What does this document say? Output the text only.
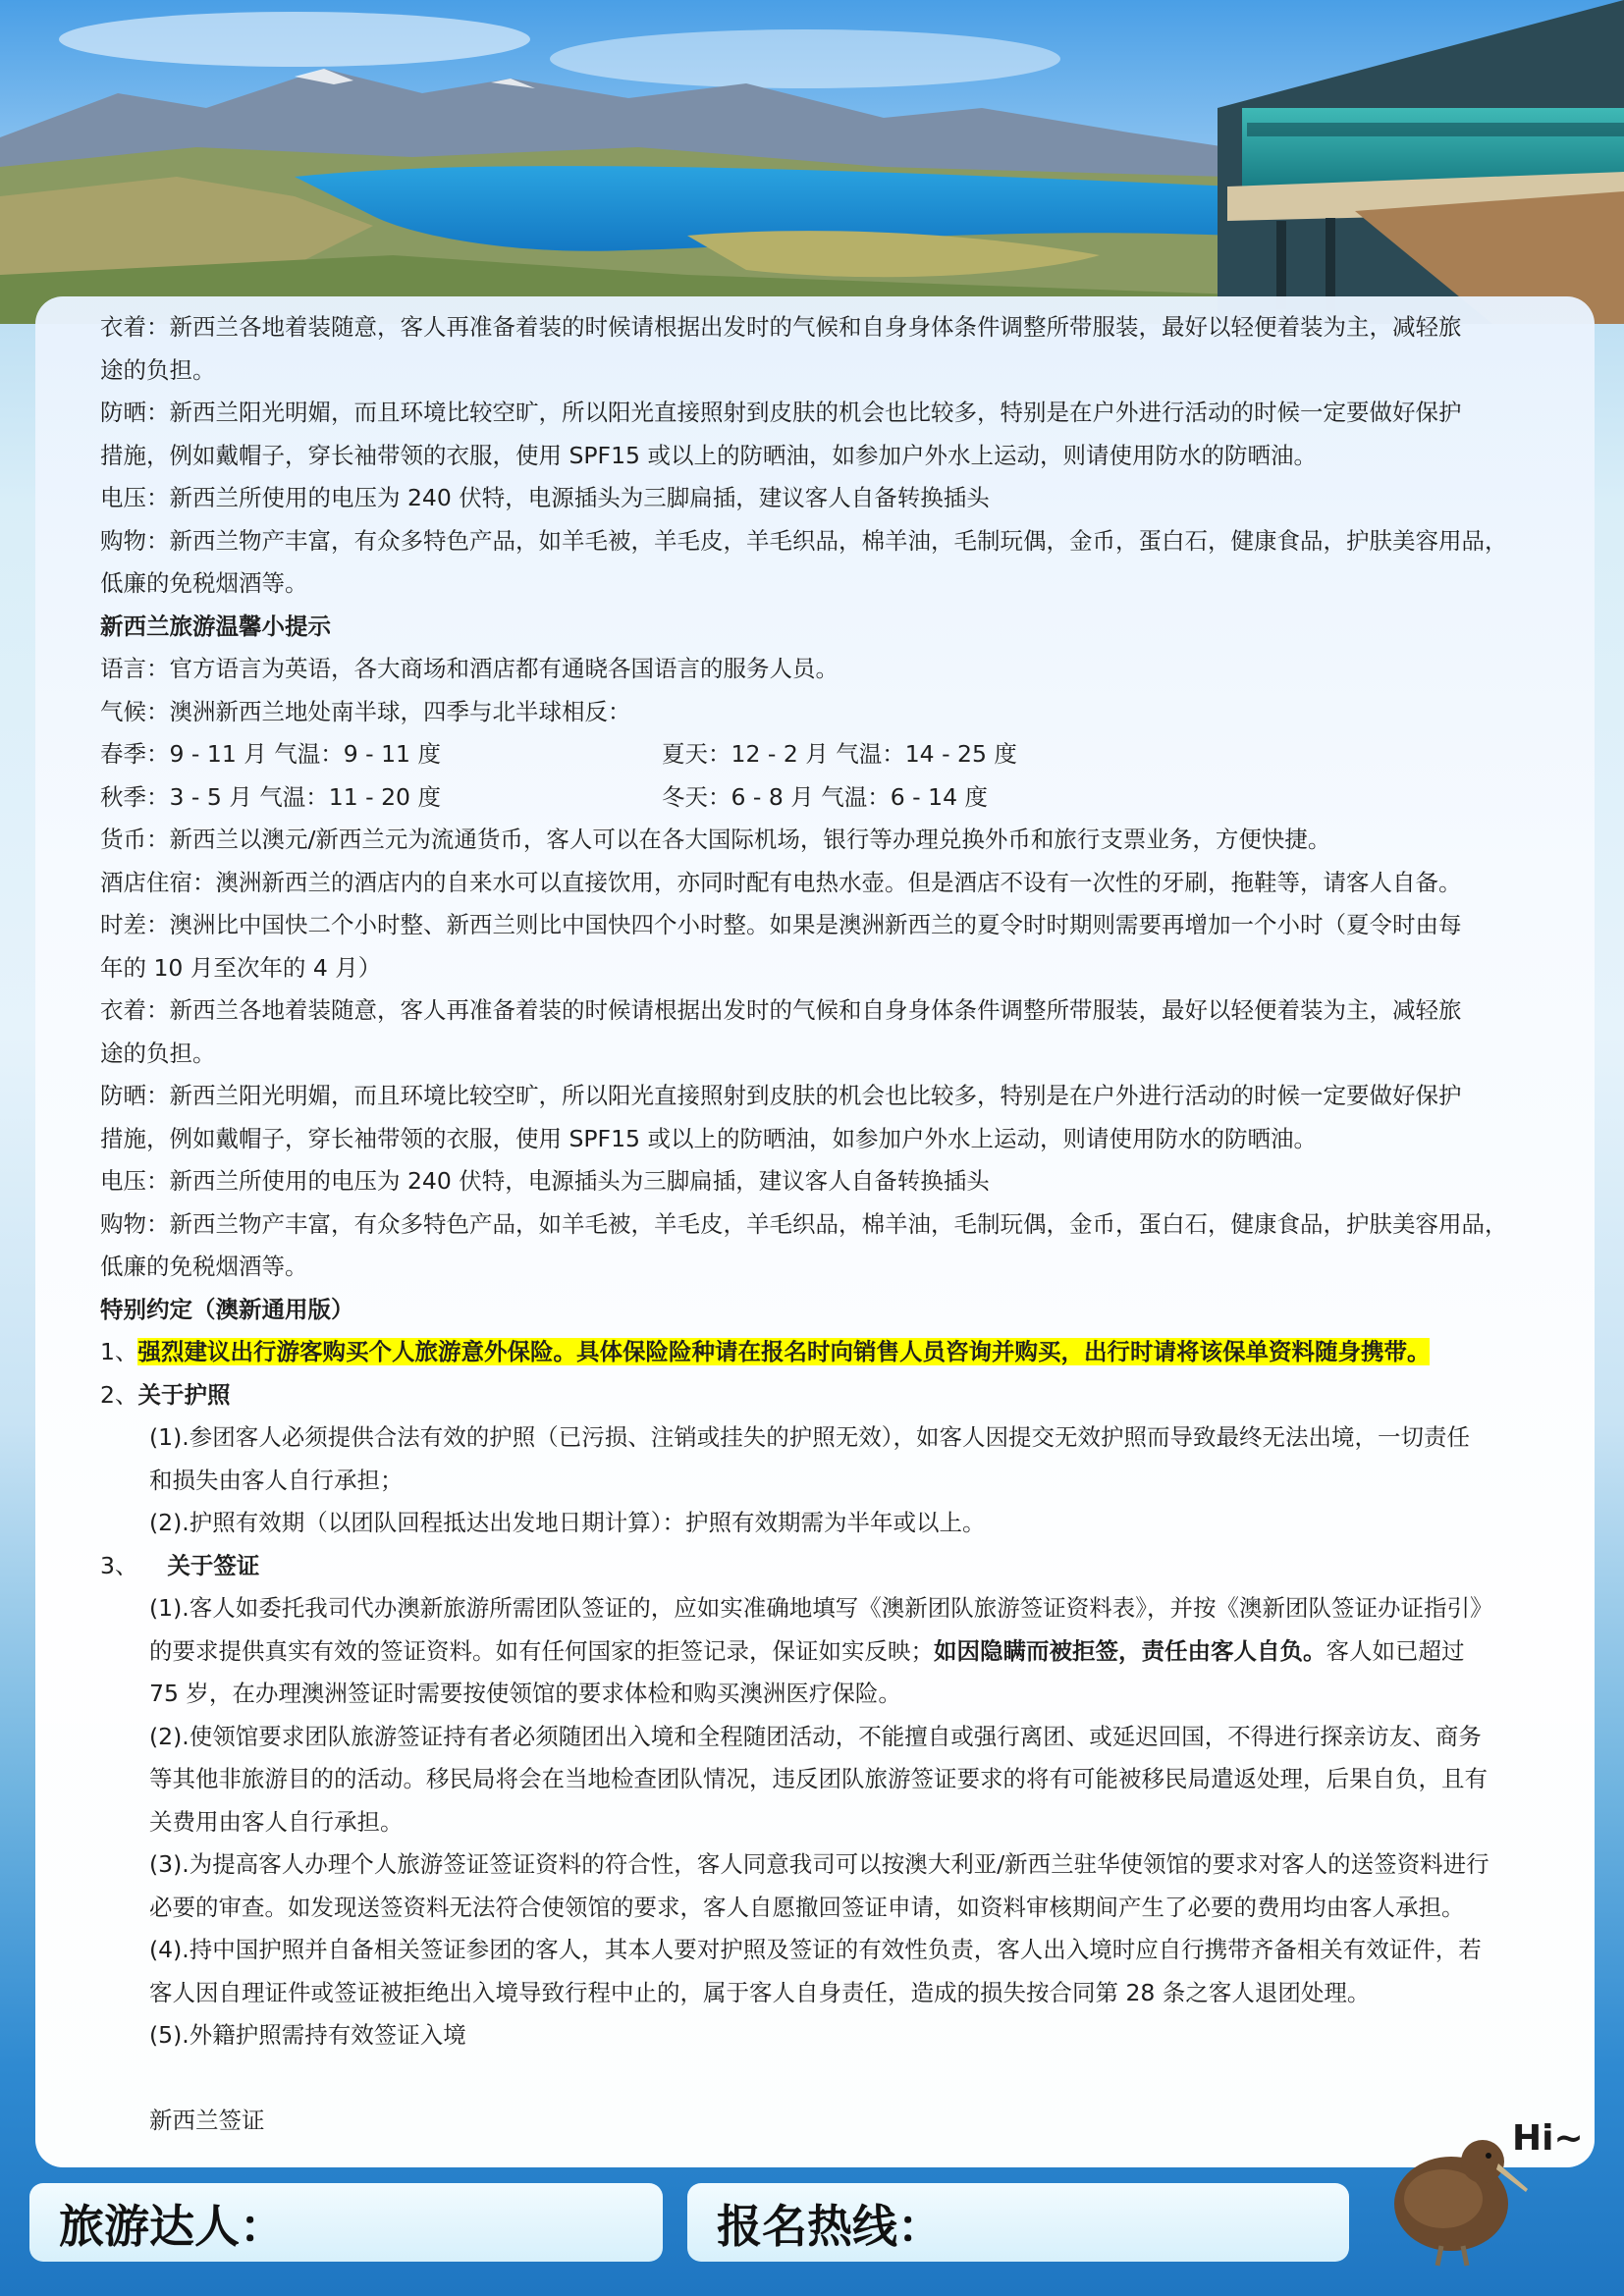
衣着：新西兰各地着装随意，客人再准备着装的时候请根据出发时的气候和自身身体条件调整所带服装，最好以轻便着装为主，减轻旅
途的负担。
防晒：新西兰阳光明媚，而且环境比较空旷，所以阳光直接照射到皮肤的机会也比较多，特别是在户外进行活动的时候一定要做好保护
措施，例如戴帽子，穿长袖带领的衣服，使用 SPF15 或以上的防晒油，如参加户外水上运动，则请使用防水的防晒油。
电压：新西兰所使用的电压为 240 伏特，电源插头为三脚扁插，建议客人自备转换插头
购物：新西兰物产丰富，有众多特色产品，如羊毛被，羊毛皮，羊毛织品，棉羊油，毛制玩偶，金币，蛋白石，健康食品，护肤美容用品，
低廉的免税烟酒等。
新西兰旅游温馨小提示
语言：官方语言为英语，各大商场和酒店都有通晓各国语言的服务人员。
气候：澳洲新西兰地处南半球，四季与北半球相反：
春季：9 - 11 月 气温：9 - 11 度	夏天：12 - 2 月 气温：14 - 25 度
秋季：3 - 5 月 气温：11 - 20 度	冬天：6 - 8 月 气温：6 - 14 度
货币：新西兰以澳元/新西兰元为流通货币，客人可以在各大国际机场，银行等办理兑换外币和旅行支票业务，方便快捷。
酒店住宿：澳洲新西兰的酒店内的自来水可以直接饮用，亦同时配有电热水壶。但是酒店不设有一次性的牙刷，拖鞋等，请客人自备。
时差：澳洲比中国快二个小时整、新西兰则比中国快四个小时整。如果是澳洲新西兰的夏令时时期则需要再增加一个小时（夏令时由每
年的 10 月至次年的 4 月）
衣着：新西兰各地着装随意，客人再准备着装的时候请根据出发时的气候和自身身体条件调整所带服装，最好以轻便着装为主，减轻旅
途的负担。
防晒：新西兰阳光明媚，而且环境比较空旷，所以阳光直接照射到皮肤的机会也比较多，特别是在户外进行活动的时候一定要做好保护
措施，例如戴帽子，穿长袖带领的衣服，使用 SPF15 或以上的防晒油，如参加户外水上运动，则请使用防水的防晒油。
电压：新西兰所使用的电压为 240 伏特，电源插头为三脚扁插，建议客人自备转换插头
购物：新西兰物产丰富，有众多特色产品，如羊毛被，羊毛皮，羊毛织品，棉羊油，毛制玩偶，金币，蛋白石，健康食品，护肤美容用品，
低廉的免税烟酒等。
特别约定（澳新通用版）
1、强烈建议出行游客购买个人旅游意外保险。具体保险险种请在报名时向销售人员咨询并购买，出行时请将该保单资料随身携带。
2、关于护照
(1).参团客人必须提供合法有效的护照（已污损、注销或挂失的护照无效），如客人因提交无效护照而导致最终无法出境，一切责任
和损失由客人自行承担；
(2).护照有效期（以团队回程抵达出发地日期计算）：护照有效期需为半年或以上。
3、 关于签证
(1).客人如委托我司代办澳新旅游所需团队签证的，应如实准确地填写《澳新团队旅游签证资料表》，并按《澳新团队签证办证指引》
的要求提供真实有效的签证资料。如有任何国家的拒签记录，保证如实反映；如因隐瞒而被拒签，责任由客人自负。客人如已超过
75 岁，在办理澳洲签证时需要按使领馆的要求体检和购买澳洲医疗保险。
(2).使领馆要求团队旅游签证持有者必须随团出入境和全程随团活动，不能擅自或强行离团、或延迟回国，不得进行探亲访友、商务
等其他非旅游目的的活动。移民局将会在当地检查团队情况，违反团队旅游签证要求的将有可能被移民局遣返处理，后果自负，且有
关费用由客人自行承担。
(3).为提高客人办理个人旅游签证签证资料的符合性，客人同意我司可以按澳大利亚/新西兰驻华使领馆的要求对客人的送签资料进行
必要的审查。如发现送签资料无法符合使领馆的要求，客人自愿撤回签证申请，如资料审核期间产生了必要的费用均由客人承担。
(4).持中国护照并自备相关签证参团的客人，其本人要对护照及签证的有效性负责，客人出入境时应自行携带齐备相关有效证件，若
客人因自理证件或签证被拒绝出入境导致行程中止的，属于客人自身责任，造成的损失按合同第 28 条之客人退团处理。
(5).外籍护照需持有效签证入境
新西兰签证
旅游达人：	报名热线：
Hi~
